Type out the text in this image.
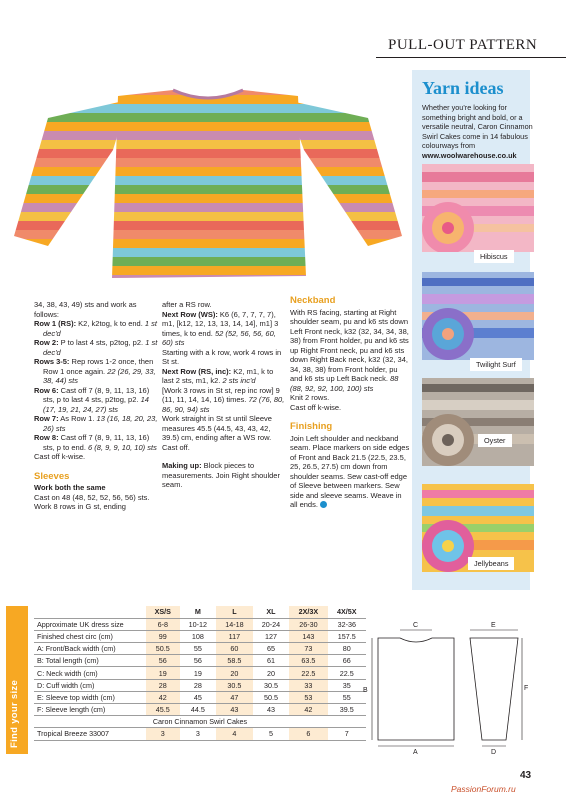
PULL-OUT PATTERN
Yarn ideas
Whether you're looking for something bright and bold, or a versatile neutral, Caron Cinnamon Swirl Cakes come in 14 fabulous colourways from www.woolwarehouse.co.uk
Hibiscus
Twilight Surf
Oyster
Jellybeans

34, 38, 43, 49) sts and work as follows:

Row 1 (RS): K2, k2tog, k to end. 1 st dec'd

Row 2: P to last 4 sts, p2tog, p2. 1 st dec'd

Rows 3-5: Rep rows 1-2 once, then Row 1 once again. 22 (26, 29, 33, 38, 44) sts

Row 6: Cast off 7 (8, 9, 11, 13, 16) sts, p to last 4 sts, p2tog, p2. 14 (17, 19, 21, 24, 27) sts

Row 7: As Row 1. 13 (16, 18, 20, 23, 26) sts

Row 8: Cast off 7 (8, 9, 11, 13, 16) sts, p to end. 6 (8, 9, 9, 10, 10) sts

Cast off k-wise.

Sleeves

Work both the same

Cast on 48 (48, 52, 52, 56, 56) sts.

Work 8 rows in G st, ending

after a RS row.

Next Row (WS): K6 (6, 7, 7, 7, 7), m1, [k12, 12, 13, 13, 14, 14], m1] 3 times, k to end. 52 (52, 56, 56, 60, 60) sts

Starting with a k row, work 4 rows in St st.

Next Row (RS, inc): K2, m1, k to last 2 sts, m1, k2. 2 sts inc'd

[Work 3 rows in St st, rep inc row] 9 (11, 11, 14, 14, 16) times. 72 (76, 80, 86, 90, 94) sts

Work straight in St st until Sleeve measures 45.5 (44.5, 43, 43, 42, 39.5) cm, ending after a WS row.

Cast off.

Making up: Block pieces to measurements. Join Right shoulder seam.

Neckband

With RS facing, starting at Right shoulder seam, pu and k6 sts down Left Front neck, k32 (32, 34, 34, 38, 38) from Front holder, pu and k6 sts up Right Front neck, pu and k6 sts down Right Back neck, k32 (32, 34, 34, 38, 38) from Front holder, pu and k6 sts up Left Back neck. 88 (88, 92, 92, 100, 100) sts

Knit 2 rows.

Cast off k-wise.

Finishing

Join Left shoulder and neckband seam. Place markers on side edges of Front and Back 21.5 (22.5, 23.5, 25, 26.5, 27.5) cm down from shoulder seams. Sew cast-off edge of Sleeve between markers. Sew side and sleeve seams. Weave in all ends.

Find your size
	XS/S	M	L	XL	2X/3X	4X/5X
Approximate UK dress size	6-8	10-12	14-18	20-24	26-30	32-36
Finished chest circ (cm)	99	108	117	127	143	157.5
A: Front/Back width (cm)	50.5	55	60	65	73	80
B: Total length (cm)	56	56	58.5	61	63.5	66
C: Neck width (cm)	19	19	20	20	22.5	22.5
D: Cuff width (cm)	28	28	30.5	30.5	33	35
E: Sleeve top width (cm)	42	45	47	50.5	53	55
F: Sleeve length (cm)	45.5	44.5	43	43	42	39.5
Caron Cinnamon Swirl Cakes						
Tropical Breeze 33007	3	3	4	5	6	7
C
A
B
E
D
F
43
PassionForum.ru
